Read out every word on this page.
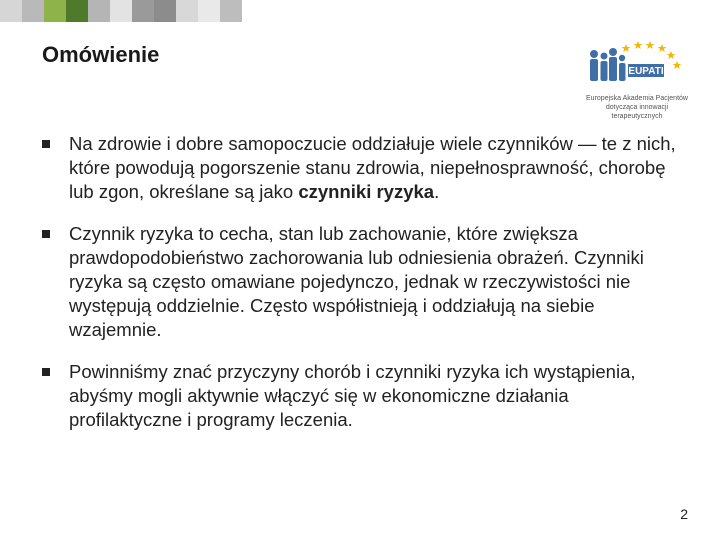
Omówienie
EUPATI
Europejska Akademia Pacjentów
dotycząca innowacji
terapeutycznych
Na zdrowie i dobre samopoczucie oddziałuje wiele czynników — te z nich, które powodują pogorszenie stanu zdrowia, niepełnosprawność, chorobę lub zgon, określane są jako czynniki ryzyka.
Czynnik ryzyka to cecha, stan lub zachowanie, które zwiększa prawdopodobieństwo zachorowania lub odniesienia obrażeń. Czynniki ryzyka są często omawiane pojedynczo, jednak w rzeczywistości nie występują oddzielnie. Często współistnieją i oddziałują na siebie wzajemnie.
Powinniśmy znać przyczyny chorób i czynniki ryzyka ich wystąpienia, abyśmy mogli aktywnie włączyć się w ekonomiczne działania profilaktyczne i programy leczenia.
2
